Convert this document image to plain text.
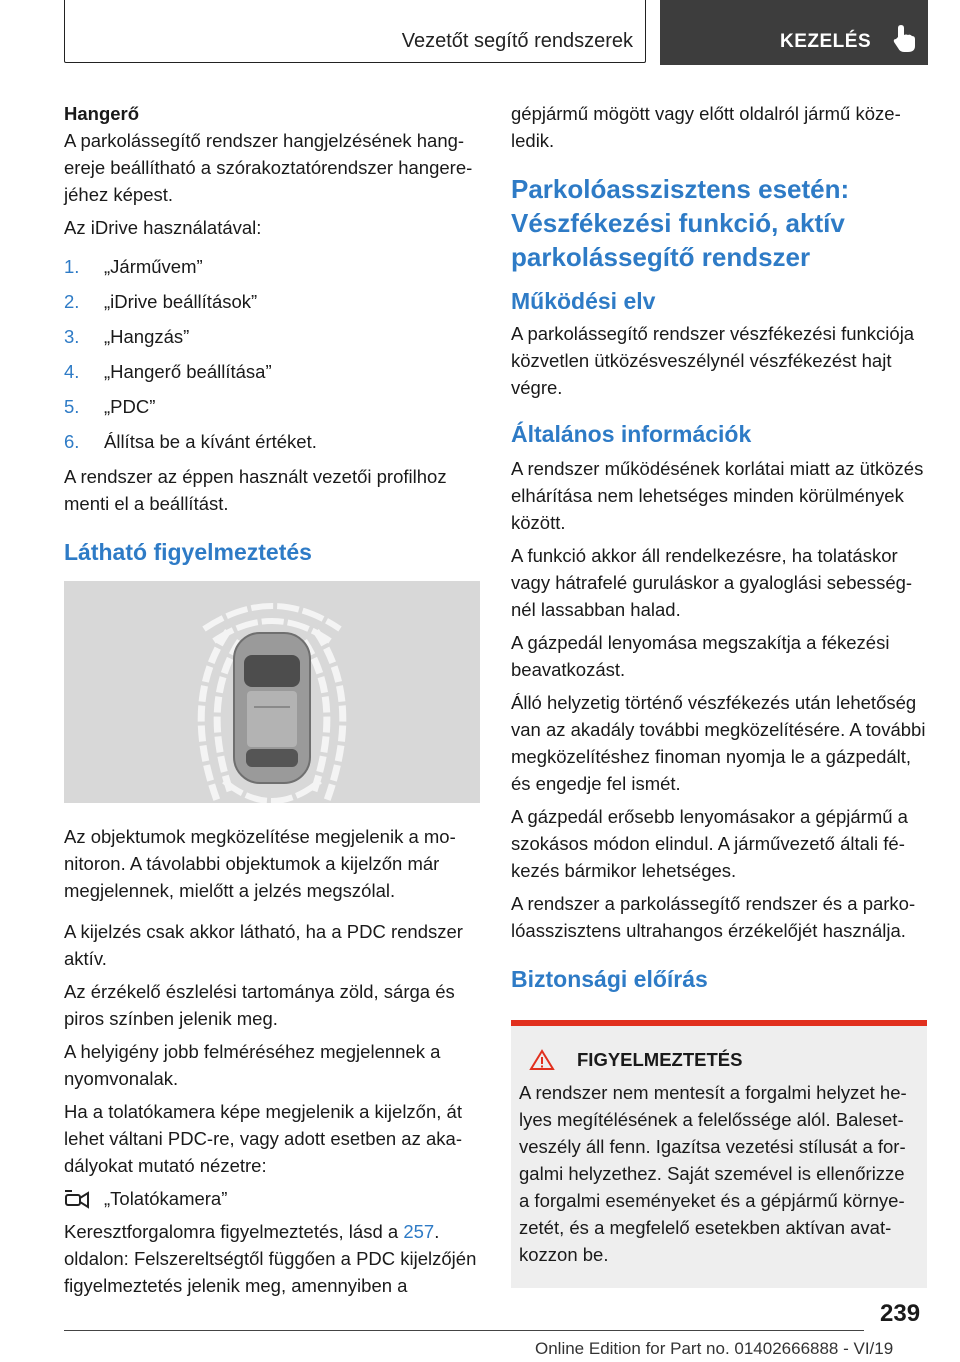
Vezetőt segítő rendszerek	KEZELÉS

Hangerő

A parkolássegítő rendszer hangjelzésének hangereje beállítható a szórakoztatórendszer hangerejéhez képest.

Az iDrive használatával:

1.	„Járművem”
2.	„iDrive beállítások”
3.	„Hangzás”
4.	„Hangerő beállítása”
5.	„PDC”
6.	Állítsa be a kívánt értéket.

A rendszer az éppen használt vezetői profilhoz menti el a beállítást.

Látható figyelmeztetés

Az objektumok megközelítése megjelenik a monitoron. A távolabbi objektumok a kijelzőn már megjelennek, mielőtt a jelzés megszólal.

A kijelzés csak akkor látható, ha a PDC rendszer aktív.

Az érzékelő észlelési tartománya zöld, sárga és piros színben jelenik meg.

A helyigény jobb felméréséhez megjelennek a nyomvonalak.

Ha a tolatókamera képe megjelenik a kijelzőn, át lehet váltani PDC-re, vagy adott esetben az akadályokat mutató nézetre:

„Tolatókamera”

Keresztforgalomra figyelmeztetés, lásd a 257. oldalon: Felszereltségtől függően a PDC kijelzőjén figyelmeztetés jelenik meg, amennyiben a

gépjármű mögött vagy előtt oldalról jármű közeledik.

Parkolóasszisztens esetén: Vészfékezési funkció, aktív parkolássegítő rendszer
Működési elv

A parkolássegítő rendszer vészfékezési funkciója közvetlen ütközésveszélynél vészfékezést hajt végre.

Általános információk

A rendszer működésének korlátai miatt az ütközés elhárítása nem lehetséges minden körülmények között.

A funkció akkor áll rendelkezésre, ha tolatáskor vagy hátrafelé guruláskor a gyaloglási sebességnél lassabban halad.

A gázpedál lenyomása megszakítja a fékezési beavatkozást.

Álló helyzetig történő vészfékezés után lehetőség van az akadály további megközelítésére. A további megközelítéshez finoman nyomja le a gázpedált, és engedje fel ismét.

A gázpedál erősebb lenyomásakor a gépjármű a szokásos módon elindul. A járművezető általi fékezés bármikor lehetséges.

A rendszer a parkolássegítő rendszer és a parkolóasszisztens ultrahangos érzékelőjét használja.

Biztonsági előírás
FIGYELMEZTETÉS

A rendszer nem mentesít a forgalmi helyzet helyes megítélésének a felelőssége alól. Balesetveszély áll fenn. Igazítsa vezetési stílusát a forgalmi helyzethez. Saját szemével is ellenőrizze a forgalmi eseményeket és a gépjármű környezetét, és a megfelelő esetekben aktívan avatkozzon be.

239
Online Edition for Part no. 01402666888 - VI/19
